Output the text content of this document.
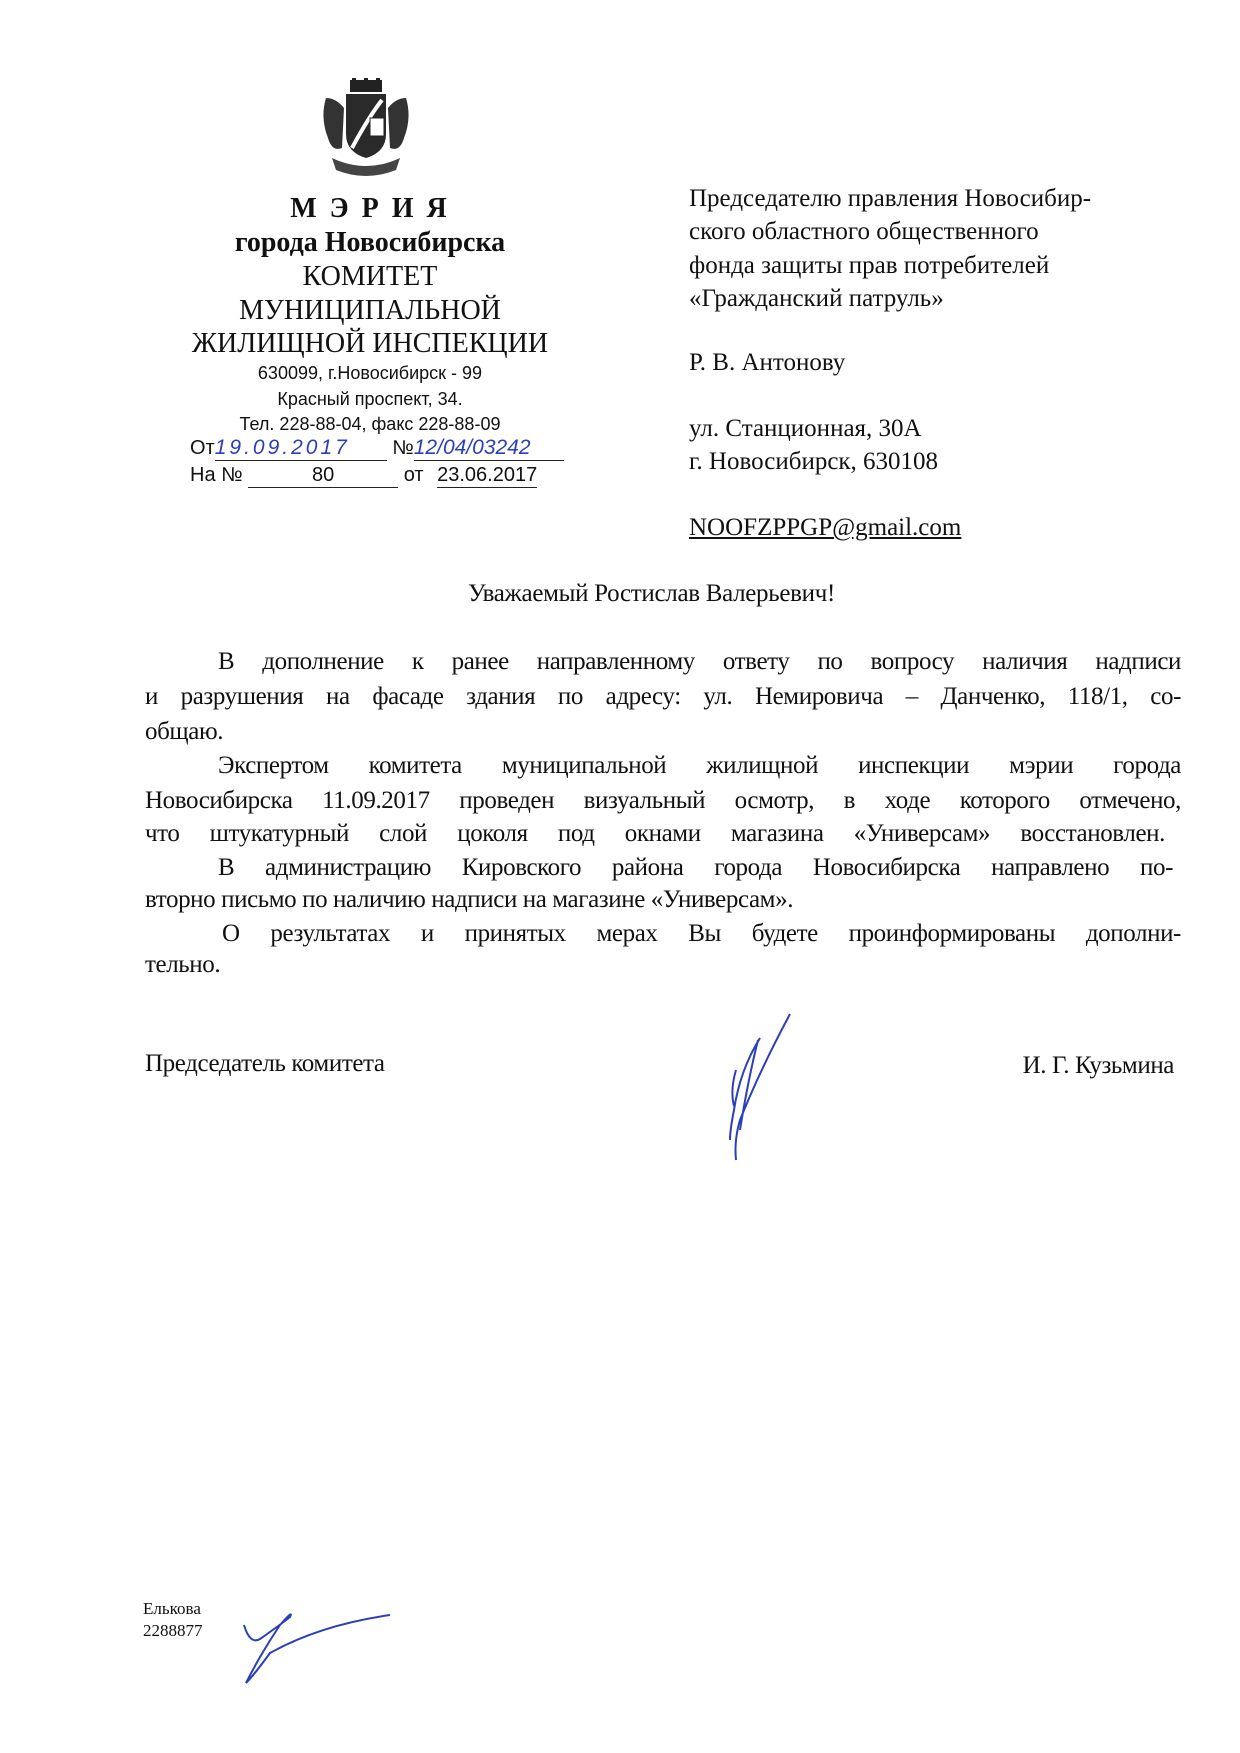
М Э Р И Я
города Новосибирска
КОМИТЕТ
МУНИЦИПАЛЬНОЙ
ЖИЛИЩНОЙ ИНСПЕКЦИИ
630099, г.Новосибирск - 99
Красный проспект, 34.
Тел. 228-88-04, факс 228-88-09
От19.09.2017 №12/04/03242
На №	80	от 23.06.2017
Председателю правления Новосибир-
ского областного общественного
фонда защиты прав потребителей
«Гражданский патруль»
Р. В. Антонову
ул. Станционная, 30А
г. Новосибирск, 630108
NOOFZPPGP@gmail.com
Уважаемый Ростислав Валерьевич!
В дополнение к ранее направленному ответу по вопросу наличия надписи
и разрушения на фасаде здания по адресу: ул. Немировича – Данченко, 118/1, со-
общаю.
Экспертом комитета муниципальной жилищной инспекции мэрии города
Новосибирска 11.09.2017 проведен визуальный осмотр, в ходе которого отмечено,
что штукатурный слой цоколя под окнами магазина «Универсам» восстановлен.
В администрацию Кировского района города Новосибирска направлено по-
вторно письмо по наличию надписи на магазине «Универсам».
О результатах и принятых мерах Вы будете проинформированы дополни-
тельно.
Председатель комитета	И. Г. Кузьмина
Елькова
2288877
